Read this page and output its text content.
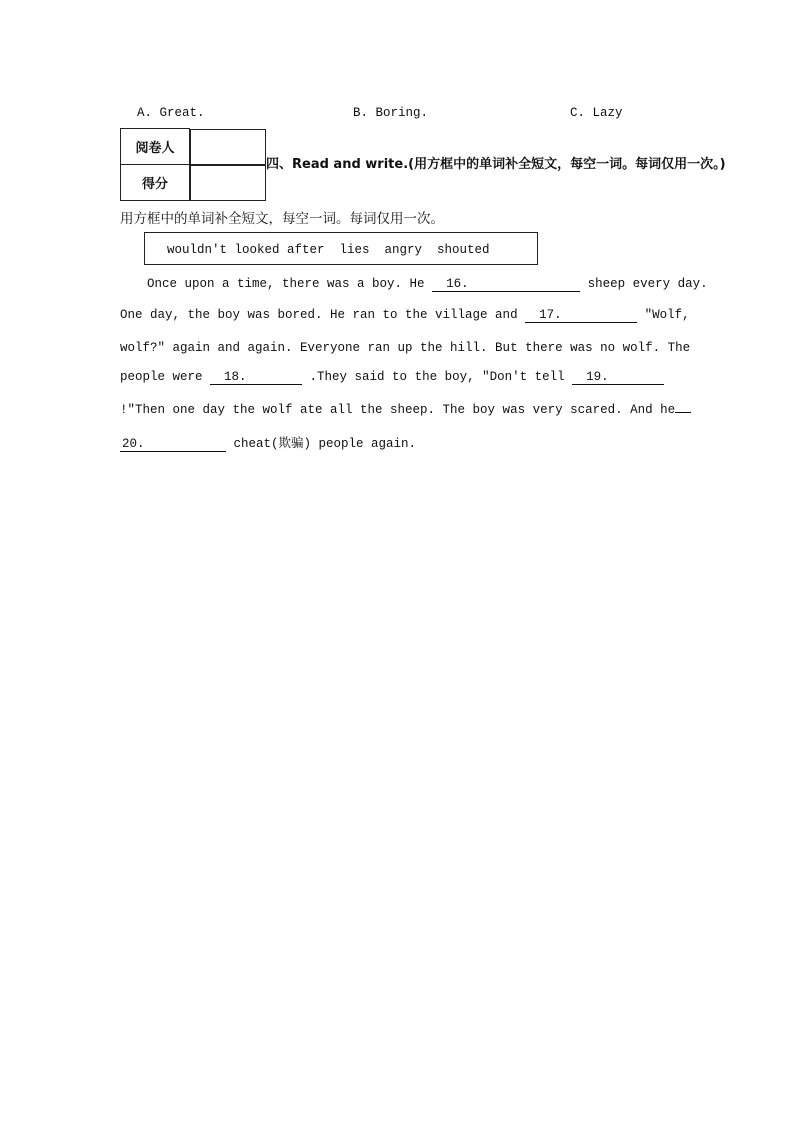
A. Great.	B. Boring.	C. Lazy
阅卷人	
得分	
四、Read and write.(用方框中的单词补全短文，每空一词。每词仅用一次。)
用方框中的单词补全短文，每空一词。每词仅用一次。
wouldn't looked after  lies  angry  shouted
Once upon a time, there was a boy. He 16.	sheep every day.
One day, the boy was bored. He ran to the village and 17.	"Wolf,
wolf?" again and again. Everyone ran up the hill. But there was no wolf. The
people were 18.	.They said to the boy, "Don't tell 19.
!"Then one day the wolf ate all the sheep. The boy was very scared. And he
20.	cheat(欺骗) people again.
